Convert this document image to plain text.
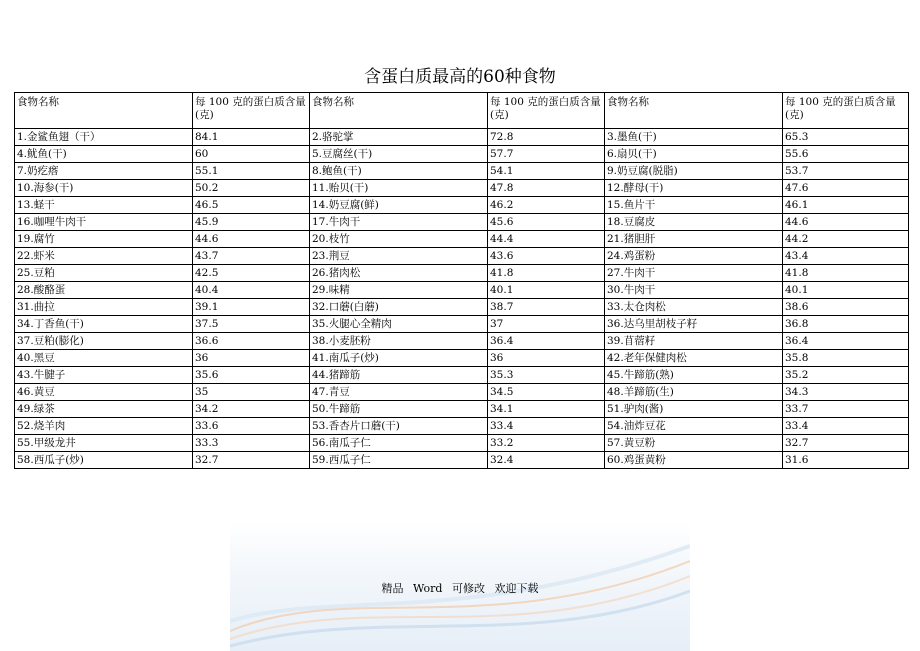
含蛋白质最高的60种食物
食物名称	每 100 克的蛋白质含量(克)	食物名称	每 100 克的蛋白质含量(克)	食物名称	每 100 克的蛋白质含量(克)
1.金鲨鱼翅（干）	84.1	2.骆驼掌	72.8	3.墨鱼(干)	65.3
4.鱿鱼(干)	60	5.豆腐丝(干)	57.7	6.扇贝(干)	55.6
7.奶疙瘩	55.1	8.鲍鱼(干)	54.1	9.奶豆腐(脱脂)	53.7
10.海参(干)	50.2	11.贻贝(干)	47.8	12.酵母(干)	47.6
13.蛏干	46.5	14.奶豆腐(鲜)	46.2	15.鱼片干	46.1
16.咖哩牛肉干	45.9	17.牛肉干	45.6	18.豆腐皮	44.6
19.腐竹	44.6	20.枝竹	44.4	21.猪胆肝	44.2
22.虾米	43.7	23.荆豆	43.6	24.鸡蛋粉	43.4
25.豆粕	42.5	26.猪肉松	41.8	27.牛肉干	41.8
28.酸酪蛋	40.4	29.味精	40.1	30.牛肉干	40.1
31.曲拉	39.1	32.口蘑(白蘑)	38.7	33.太仓肉松	38.6
34.丁香鱼(干)	37.5	35.火腿心全精肉	37	36.达乌里胡枝子籽	36.8
37.豆粕(膨化)	36.6	38.小麦胚粉	36.4	39.苜蓿籽	36.4
40.黑豆	36	41.南瓜子(炒)	36	42.老年保健肉松	35.8
43.牛腱子	35.6	44.猪蹄筋	35.3	45.牛蹄筋(熟)	35.2
46.黄豆	35	47.青豆	34.5	48.羊蹄筋(生)	34.3
49.绿茶	34.2	50.牛蹄筋	34.1	51.驴肉(酱)	33.7
52.烧羊肉	33.6	53.香杏片口蘑(干)	33.4	54.油炸豆花	33.4
55.甲级龙井	33.3	56.南瓜子仁	33.2	57.黄豆粉	32.7
58.西瓜子(炒)	32.7	59.西瓜子仁	32.4	60.鸡蛋黄粉	31.6
精品 Word 可修改 欢迎下载
